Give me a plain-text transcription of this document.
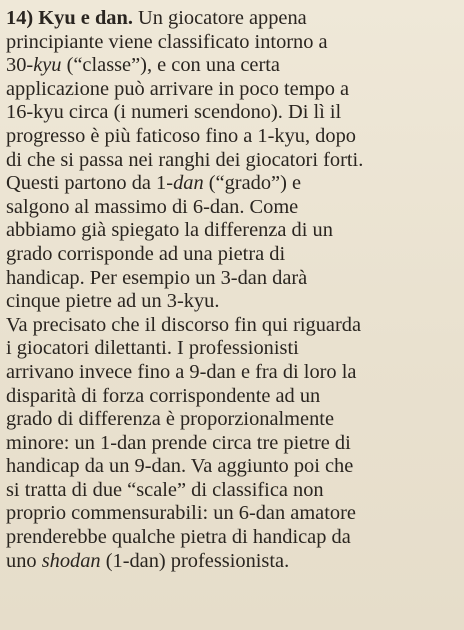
14) Kyu e dan. Un giocatore appena
principiante viene classificato intorno a
30-kyu (“classe”), e con una certa
applicazione può arrivare in poco tempo a
16-kyu circa (i numeri scendono). Di lì il
progresso è più faticoso fino a 1-kyu, dopo
di che si passa nei ranghi dei giocatori forti.
Questi partono da 1-dan (“grado”) e
salgono al massimo di 6-dan. Come
abbiamo già spiegato la differenza di un
grado corrisponde ad una pietra di
handicap. Per esempio un 3-dan darà
cinque pietre ad un 3-kyu.
Va precisato che il discorso fin qui riguarda
i giocatori dilettanti. I professionisti
arrivano invece fino a 9-dan e fra di loro la
disparità di forza corrispondente ad un
grado di differenza è proporzionalmente
minore: un 1-dan prende circa tre pietre di
handicap da un 9-dan. Va aggiunto poi che
si tratta di due “scale” di classifica non
proprio commensurabili: un 6-dan amatore
prenderebbe qualche pietra di handicap da
uno shodan (1-dan) professionista.
